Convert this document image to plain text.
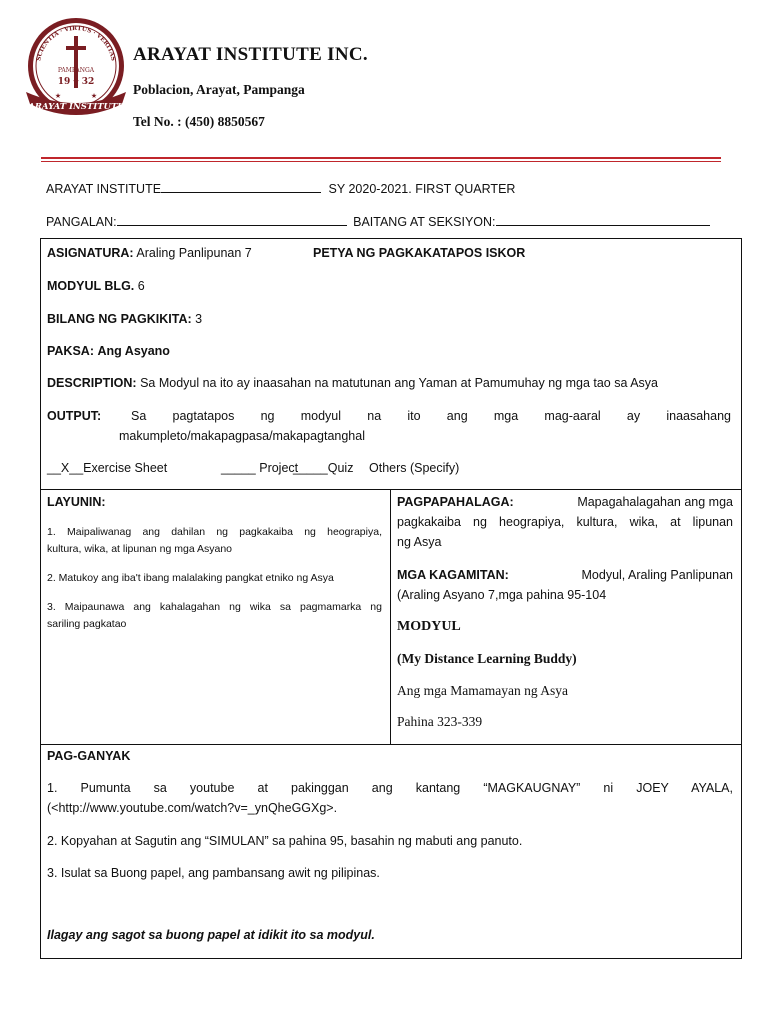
SCIENTIA · VIRTUS · VERITAS
PAMPANGA
19 32
★
★	★
ARAYAT INSTITUTE
ARAYAT INSTITUTE INC.
Poblacion, Arayat, Pampanga
Tel No. : (450) 8850567
ARAYAT INSTITUTE	SY 2020-2021. FIRST QUARTER
PANGALAN:	BAITANG AT SEKSIYON:
ASIGNATURA: Araling Panlipunan 7	PETYA NG PAGKAKATAPOS ISKOR
MODYUL BLG. 6
BILANG NG PAGKIKITA: 3
PAKSA: Ang Asyano
DESCRIPTION: Sa Modyul na ito ay inaasahan na matutunan ang Yaman at Pamumuhay ng mga tao sa Asya
OUTPUT: Sa pagtatapos ng modyul na ito ang mga mag-aaral ay inaasahang
makumpleto/makapagpasa/makapagtanghal
__X__Exercise Sheet	_____ Project
_____Quiz Others (Specify)
LAYUNIN:
1. Maipaliwanag ang dahilan ng pagkakaiba ng heograpiya,
kultura, wika, at lipunan ng mga Asyano
2. Matukoy ang iba't ibang malalaking pangkat etniko ng Asya
3. Maipaunawa ang kahalagahan ng wika sa pagmamarka ng
sariling pagkatao
PAGPAPAHALAGA:	Mapagahalagahan ang mga
pagkakaiba ng heograpiya, kultura, wika, at lipunan
ng Asya
MGA KAGAMITAN:	Modyul, Araling Panlipunan
(Araling Asyano 7,mga pahina 95-104
MODYUL
(My Distance Learning Buddy)
Ang mga Mamamayan ng Asya
Pahina 323-339
PAG-GANYAK
1. Pumunta sa youtube at pakinggan ang kantang “MAGKAUGNAY” ni JOEY AYALA,
(<http://www.youtube.com/watch?v=_ynQheGGXg>.
2. Kopyahan at Sagutin ang “SIMULAN” sa pahina 95, basahin ng mabuti ang panuto.
3. Isulat sa Buong papel, ang pambansang awit ng pilipinas.
Ilagay ang sagot sa buong papel at idikit ito sa modyul.
